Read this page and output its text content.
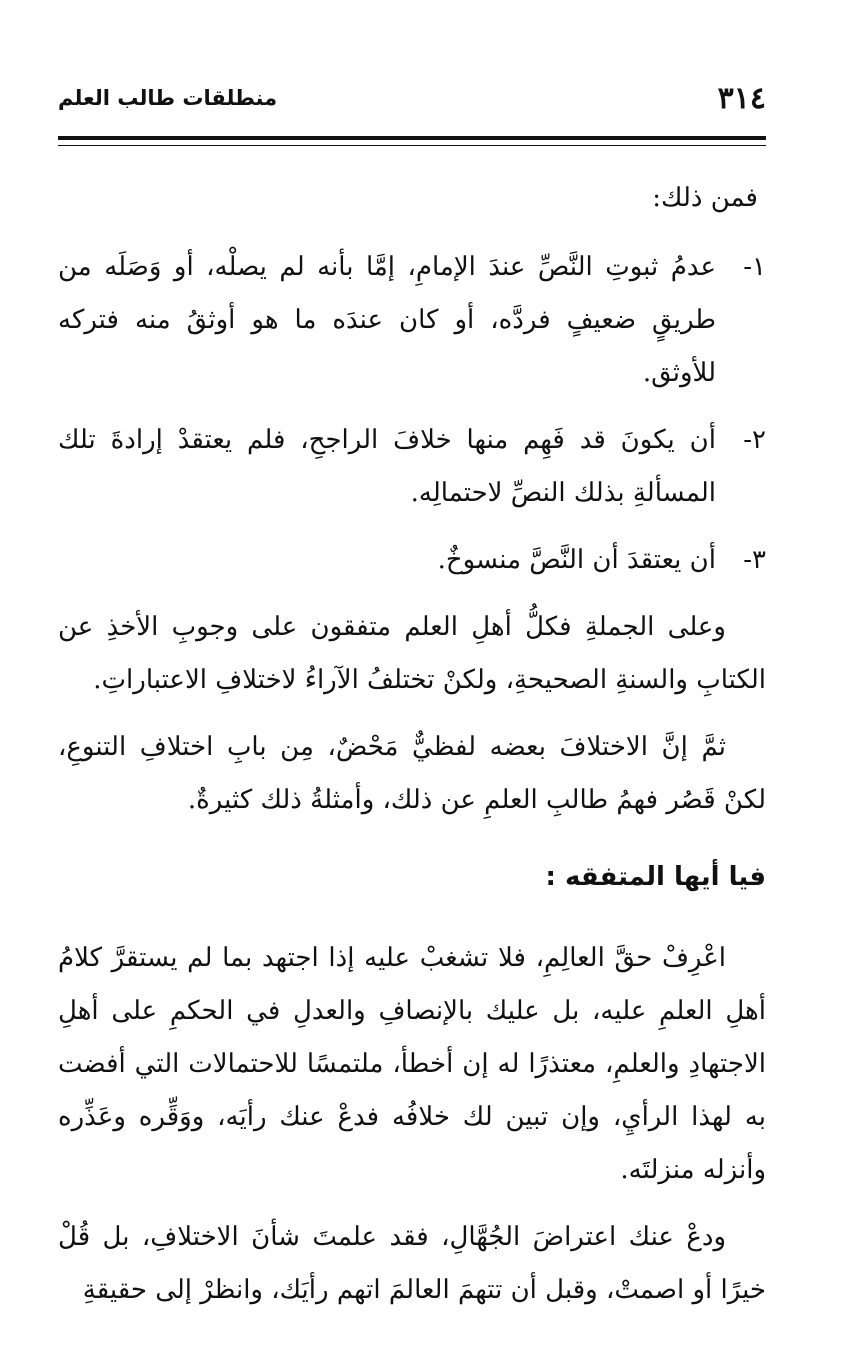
٣١٤
منطلقات طالب العلم

فمن ذلك:

١-

عدمُ ثبوتِ النَّصِّ عندَ الإمامِ، إمَّا بأنه لم يصلْه، أو وَصَلَه من طريقٍ ضعيفٍ فردَّه، أو كان عندَه ما هو أوثقُ منه فتركه للأوثق.

٢-

أن يكونَ قد فَهِم منها خلافَ الراجحِ، فلم يعتقدْ إرادةَ تلك المسألةِ بذلك النصِّ لاحتمالِه.

٣-

أن يعتقدَ أن النَّصَّ منسوخٌ.

وعلى الجملةِ فكلُّ أهلِ العلم متفقون على وجوبِ الأخذِ عن الكتابِ والسنةِ الصحيحةِ، ولكنْ تختلفُ الآراءُ لاختلافِ الاعتباراتِ.

ثمَّ إنَّ الاختلافَ بعضه لفظيٌّ مَحْضٌ، مِن بابِ اختلافِ التنوعِ، لكنْ قَصُر فهمُ طالبِ العلمِ عن ذلك، وأمثلةُ ذلك كثيرةٌ.

فيا أيها المتفقه :

اعْرِفْ حقَّ العالِمِ، فلا تشغبْ عليه إذا اجتهد بما لم يستقرَّ كلامُ أهلِ العلمِ عليه، بل عليك بالإنصافِ والعدلِ في الحكمِ على أهلِ الاجتهادِ والعلمِ، معتذرًا له إن أخطأ، ملتمسًا للاحتمالات التي أفضت به لهذا الرأيِ، وإن تبين لك خلافُه فدعْ عنك رأيَه، ووَقِّره وعَذِّره وأنزله منزلتَه.

ودعْ عنك اعتراضَ الجُهَّالِ، فقد علمتَ شأنَ الاختلافِ، بل قُلْ خيرًا أو اصمتْ، وقبل أن تتهمَ العالمَ اتهم رأيَك، وانظرْ إلى حقيقةِ
